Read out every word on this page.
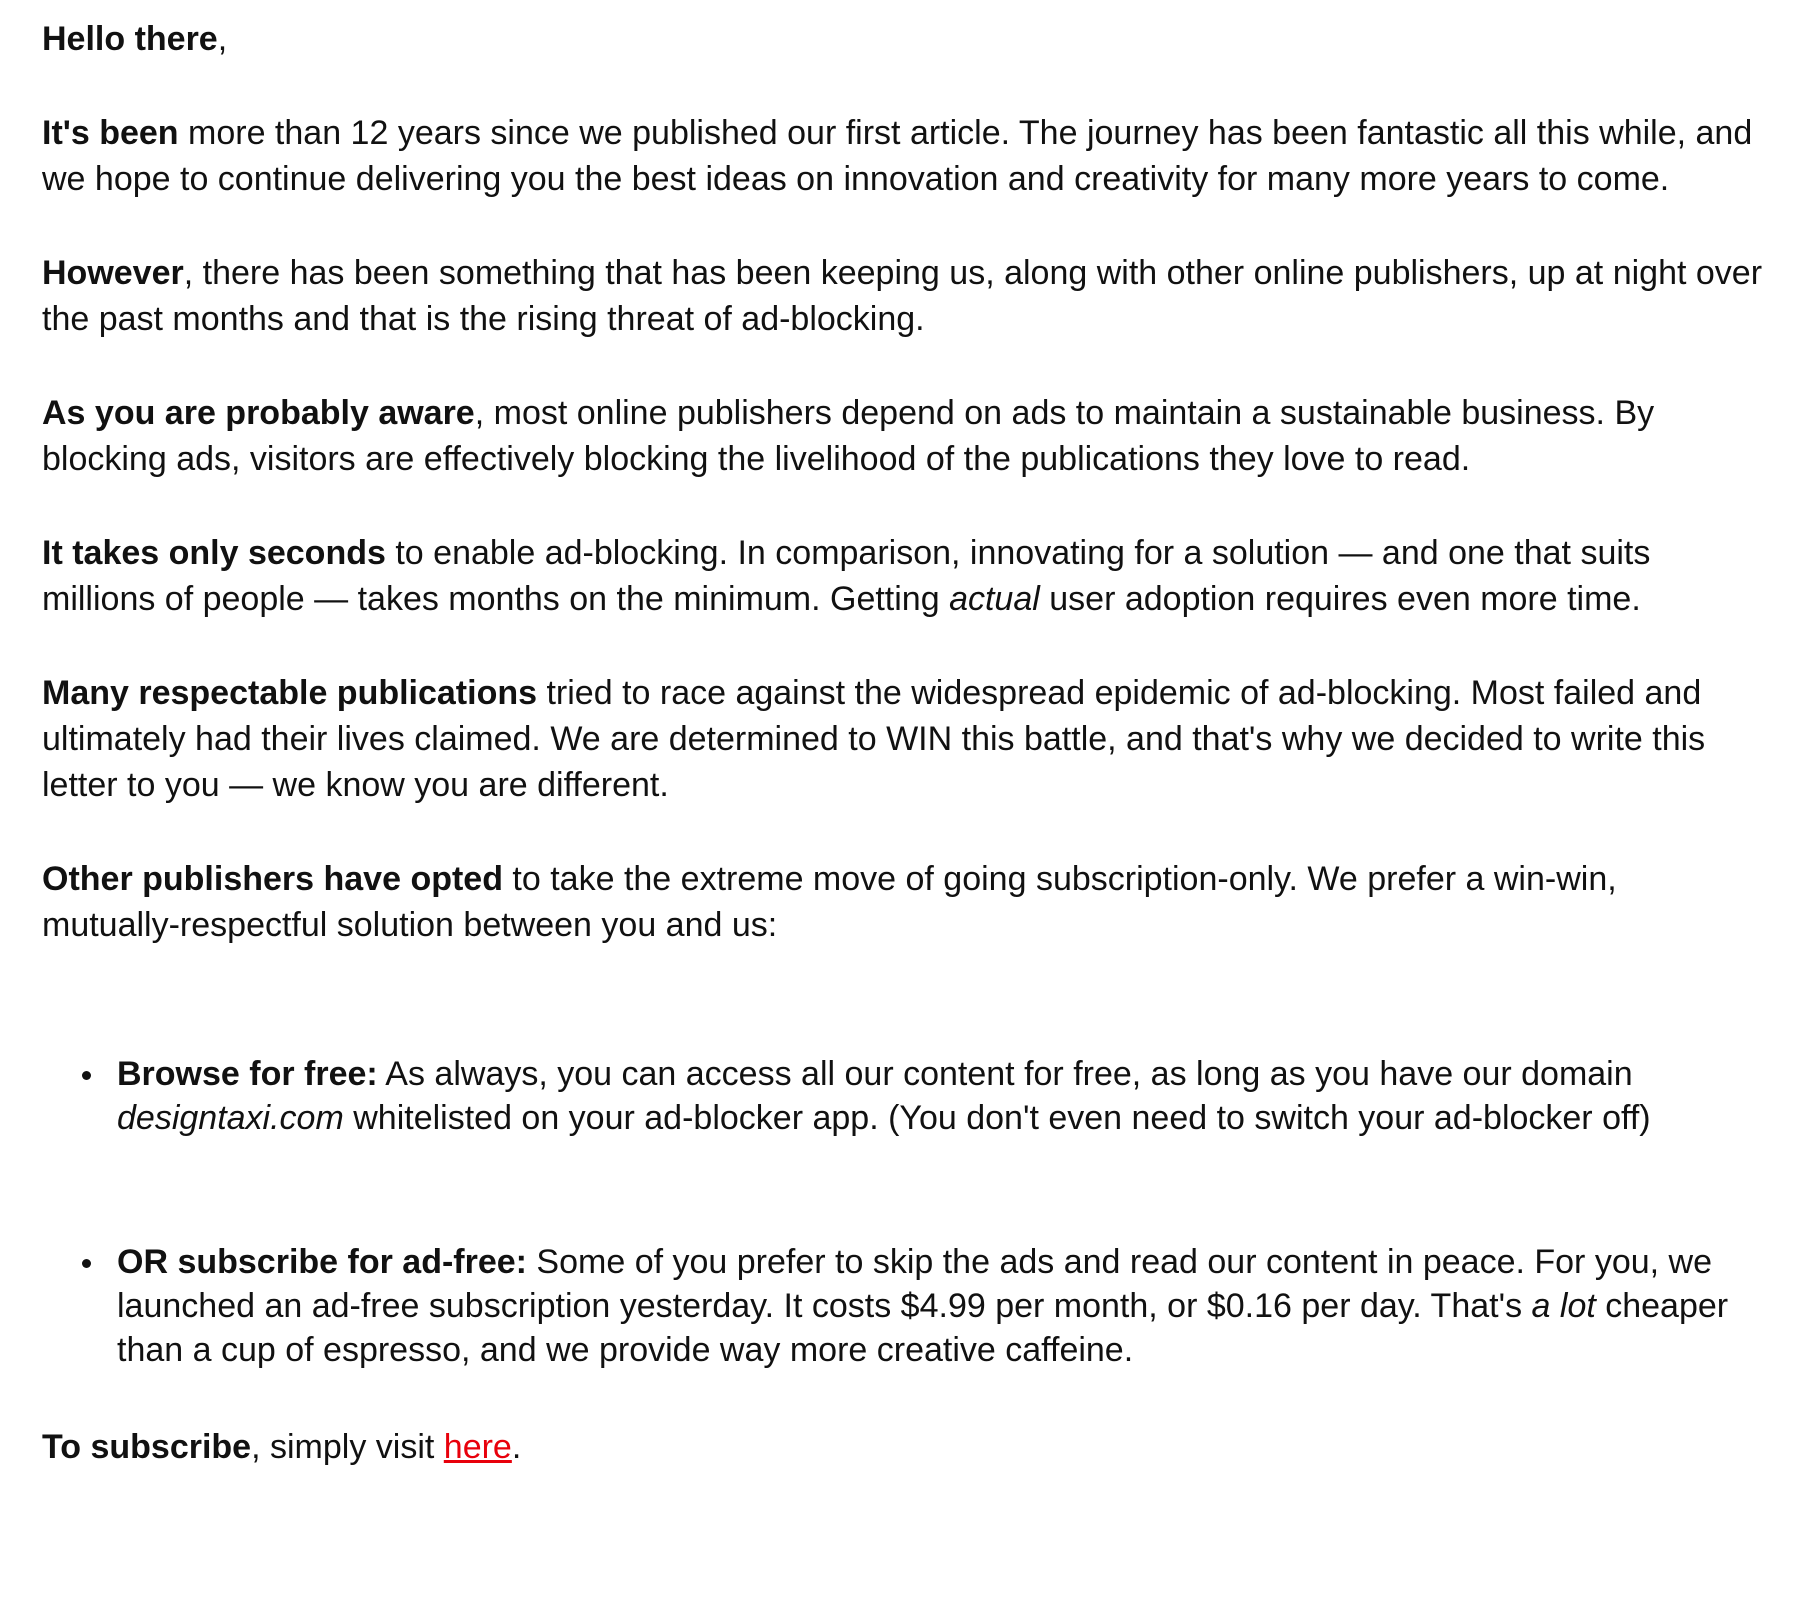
Hello there,

It's been more than 12 years since we published our first article. The journey has been fantastic all this while, and we hope to continue delivering you the best ideas on innovation and creativity for many more years to come.

However, there has been something that has been keeping us, along with other online publishers, up at night over the past months and that is the rising threat of ad-blocking.

As you are probably aware, most online publishers depend on ads to maintain a sustainable business. By blocking ads, visitors are effectively blocking the livelihood of the publications they love to read.

It takes only seconds to enable ad-blocking. In comparison, innovating for a solution — and one that suits millions of people — takes months on the minimum. Getting actual user adoption requires even more time.

Many respectable publications tried to race against the widespread epidemic of ad-blocking. Most failed and ultimately had their lives claimed. We are determined to WIN this battle, and that's why we decided to write this letter to you — we know you are different.

Other publishers have opted to take the extreme move of going subscription-only. We prefer a win-win, mutually-respectful solution between you and us:

Browse for free: As always, you can access all our content for free, as long as you have our domain designtaxi.com whitelisted on your ad-blocker app. (You don't even need to switch your ad-blocker off)
OR subscribe for ad-free: Some of you prefer to skip the ads and read our content in peace. For you, we launched an ad-free subscription yesterday. It costs $4.99 per month, or $0.16 per day. That's a lot cheaper than a cup of espresso, and we provide way more creative caffeine.

To subscribe, simply visit here.
